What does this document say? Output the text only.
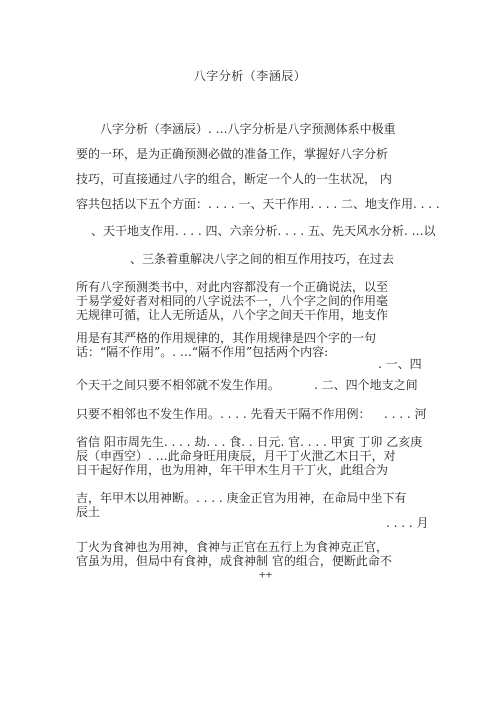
八字分析（李涵辰）
八字分析（李涵辰）. …八字分析是八字预测体系中极重
要的一环，是为正确预测必做的准备工作，掌握好八字分析
技巧，可直接通过八字的组合，断定一个人的一生状况， 内
容共包括以下五个方面：. . . . 一、天干作用. . . . 二、地支作用. . . .
、天干地支作用. . . . 四、六亲分析. . . . 五、先天风水分析. …以
、三条着重解决八字之间的相互作用技巧，在过去
所有八字预测类书中，对此内容都没有一个正确说法，以至
于易学爱好者对相同的八字说法不一，八个字之间的作用毫
无规律可循，让人无所适从，八个字之间天干作用，地支作
用是有其严格的作用规律的，其作用规律是四个字的一句
话：“隔不作用”。. …“隔不作用”包括两个内容:
. 一、四
个天干之间只要不相邻就不发生作用。	. 二、四个地支之间
只要不相邻也不发生作用。. . . . 先看天干隔不作用例： . . . . 河
省信 阳市周先生. . . . 劫. . . 食. . 日元. 官. . . . 甲寅 丁卯 乙亥庚
辰（申酉空）. …此命身旺用庚辰，月干丁火泄乙木日干，对
日干起好作用，也为用神，年干甲木生月干丁火，此组合为
吉，年甲木以用神断。. . . . 庚金正官为用神，在命局中坐下有
辰土
. . . . 月
丁火为食神也为用神，食神与正官在五行上为食神克正官，
官虽为用，但局中有食神，成食神制 官的组合，便断此命不
++
